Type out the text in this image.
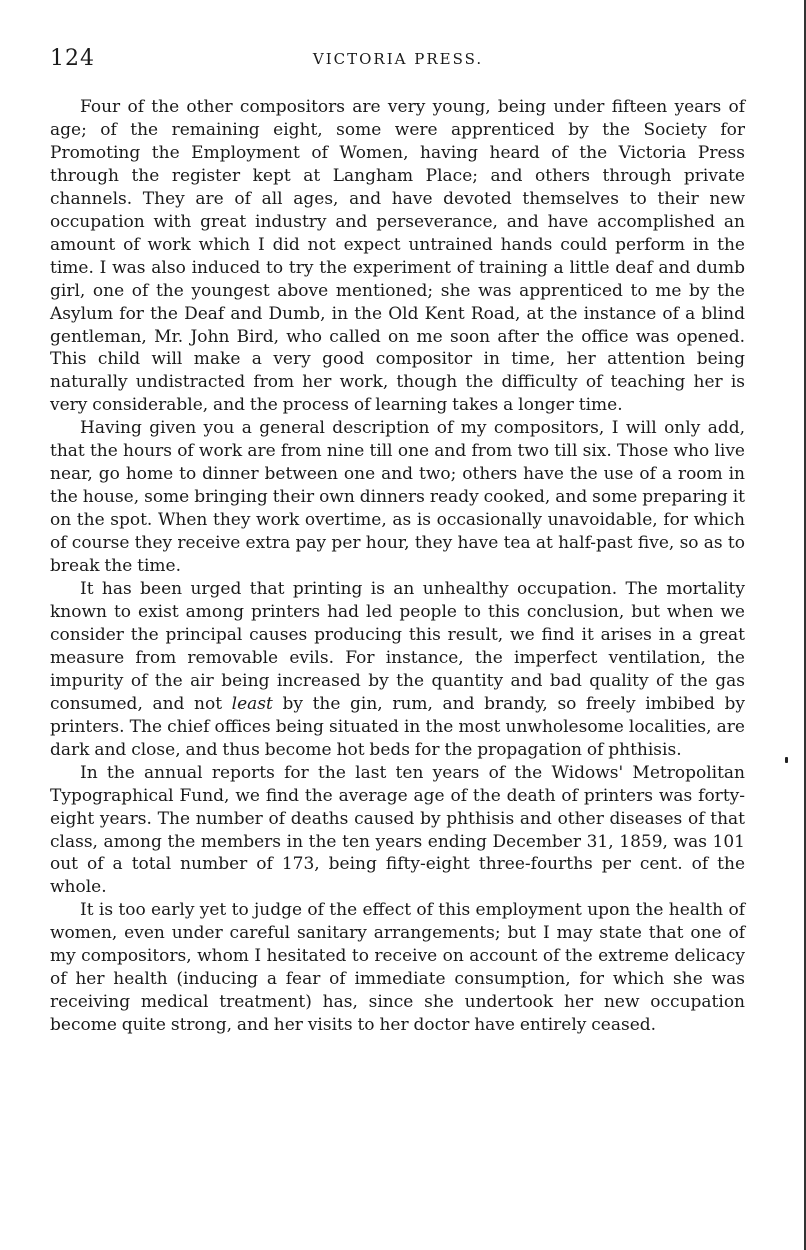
124	VICTORIA PRESS.

Four of the other compositors are very young, being under fifteen years of age; of the remaining eight, some were apprenticed by the Society for Promoting the Employment of Women, having heard of the Victoria Press through the register kept at Langham Place; and others through private channels. They are of all ages, and have devoted themselves to their new occupation with great industry and perseverance, and have accomplished an amount of work which I did not expect untrained hands could perform in the time. I was also induced to try the experiment of training a little deaf and dumb girl, one of the youngest above mentioned; she was apprenticed to me by the Asylum for the Deaf and Dumb, in the Old Kent Road, at the instance of a blind gentleman, Mr. John Bird, who called on me soon after the office was opened. This child will make a very good compositor in time, her attention being naturally undistracted from her work, though the difficulty of teaching her is very considerable, and the process of learning takes a longer time.

Having given you a general description of my compositors, I will only add, that the hours of work are from nine till one and from two till six. Those who live near, go home to dinner between one and two; others have the use of a room in the house, some bringing their own dinners ready cooked, and some preparing it on the spot. When they work overtime, as is occasionally unavoidable, for which of course they receive extra pay per hour, they have tea at half-past five, so as to break the time.

It has been urged that printing is an unhealthy occupation. The mortality known to exist among printers had led people to this conclusion, but when we consider the principal causes producing this result, we find it arises in a great measure from removable evils. For instance, the imperfect ventilation, the impurity of the air being increased by the quantity and bad quality of the gas consumed, and not least by the gin, rum, and brandy, so freely imbibed by printers. The chief offices being situated in the most unwholesome localities, are dark and close, and thus become hot beds for the propagation of phthisis.

In the annual reports for the last ten years of the Widows' Metropolitan Typographical Fund, we find the average age of the death of printers was forty-eight years. The number of deaths caused by phthisis and other diseases of that class, among the members in the ten years ending December 31, 1859, was 101 out of a total number of 173, being fifty-eight three-fourths per cent. of the whole.

It is too early yet to judge of the effect of this employment upon the health of women, even under careful sanitary arrangements; but I may state that one of my compositors, whom I hesitated to receive on account of the extreme delicacy of her health (inducing a fear of immediate consumption, for which she was receiving medical treatment) has, since she undertook her new occupation become quite strong, and her visits to her doctor have entirely ceased.
